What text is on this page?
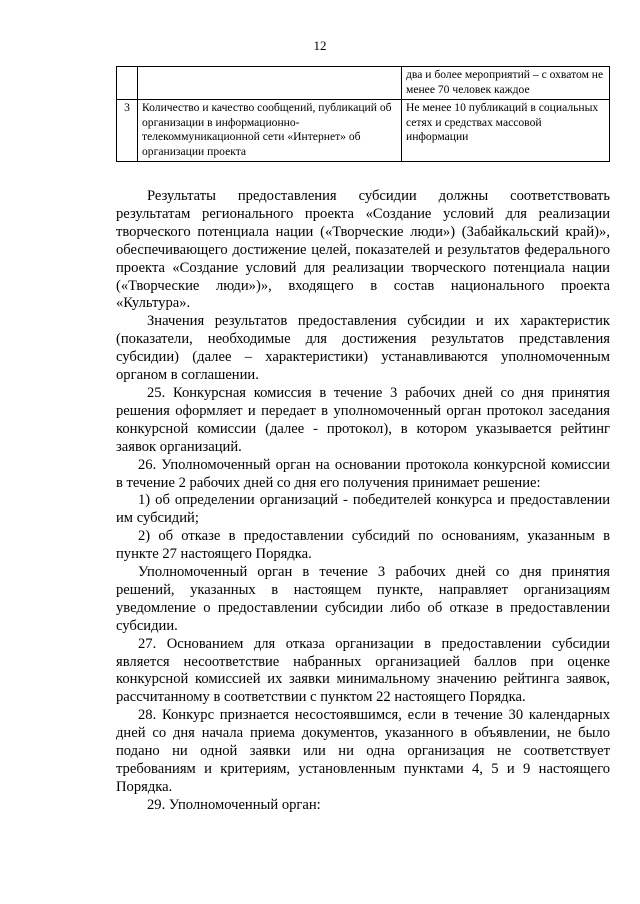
12
		два и более мероприятий – с охватом не менее 70 человек каждое
3	Количество и качество сообщений, публикаций об организации в информационно-телекоммуникационной сети «Интернет» об организации проекта	Не менее 10 публикаций в социальных сетях и средствах массовой информации

Результаты предоставления субсидии должны соответствовать результатам регионального проекта «Создание условий для реализации творческого потенциала нации («Творческие люди») (Забайкальский край)», обеспечивающего достижение целей, показателей и результатов федерального проекта «Создание условий для реализации творческого потенциала нации («Творческие люди»)», входящего в состав национального проекта «Культура».

Значения результатов предоставления субсидии и их характеристик (показатели, необходимые для достижения результатов представления субсидии) (далее – характеристики) устанавливаются уполномоченным органом в соглашении.

25. Конкурсная комиссия в течение 3 рабочих дней со дня принятия решения оформляет и передает в уполномоченный орган протокол заседания конкурсной комиссии (далее - протокол), в котором указывается рейтинг заявок организаций.

26. Уполномоченный орган на основании протокола конкурсной комиссии в течение 2 рабочих дней со дня его получения принимает решение:

1) об определении организаций - победителей конкурса и предоставлении им субсидий;

2) об отказе в предоставлении субсидий по основаниям, указанным в пункте 27 настоящего Порядка.

Уполномоченный орган в течение 3 рабочих дней со дня принятия решений, указанных в настоящем пункте, направляет организациям уведомление о предоставлении субсидии либо об отказе в предоставлении субсидии.

27. Основанием для отказа организации в предоставлении субсидии является несоответствие набранных организацией баллов при оценке конкурсной комиссией их заявки минимальному значению рейтинга заявок, рассчитанному в соответствии с пунктом 22 настоящего Порядка.

28. Конкурс признается несостоявшимся, если в течение 30 календарных дней со дня начала приема документов, указанного в объявлении, не было подано ни одной заявки или ни одна организация не соответствует требованиям и критериям, установленным пунктами 4, 5 и 9 настоящего Порядка.

29. Уполномоченный орган:
